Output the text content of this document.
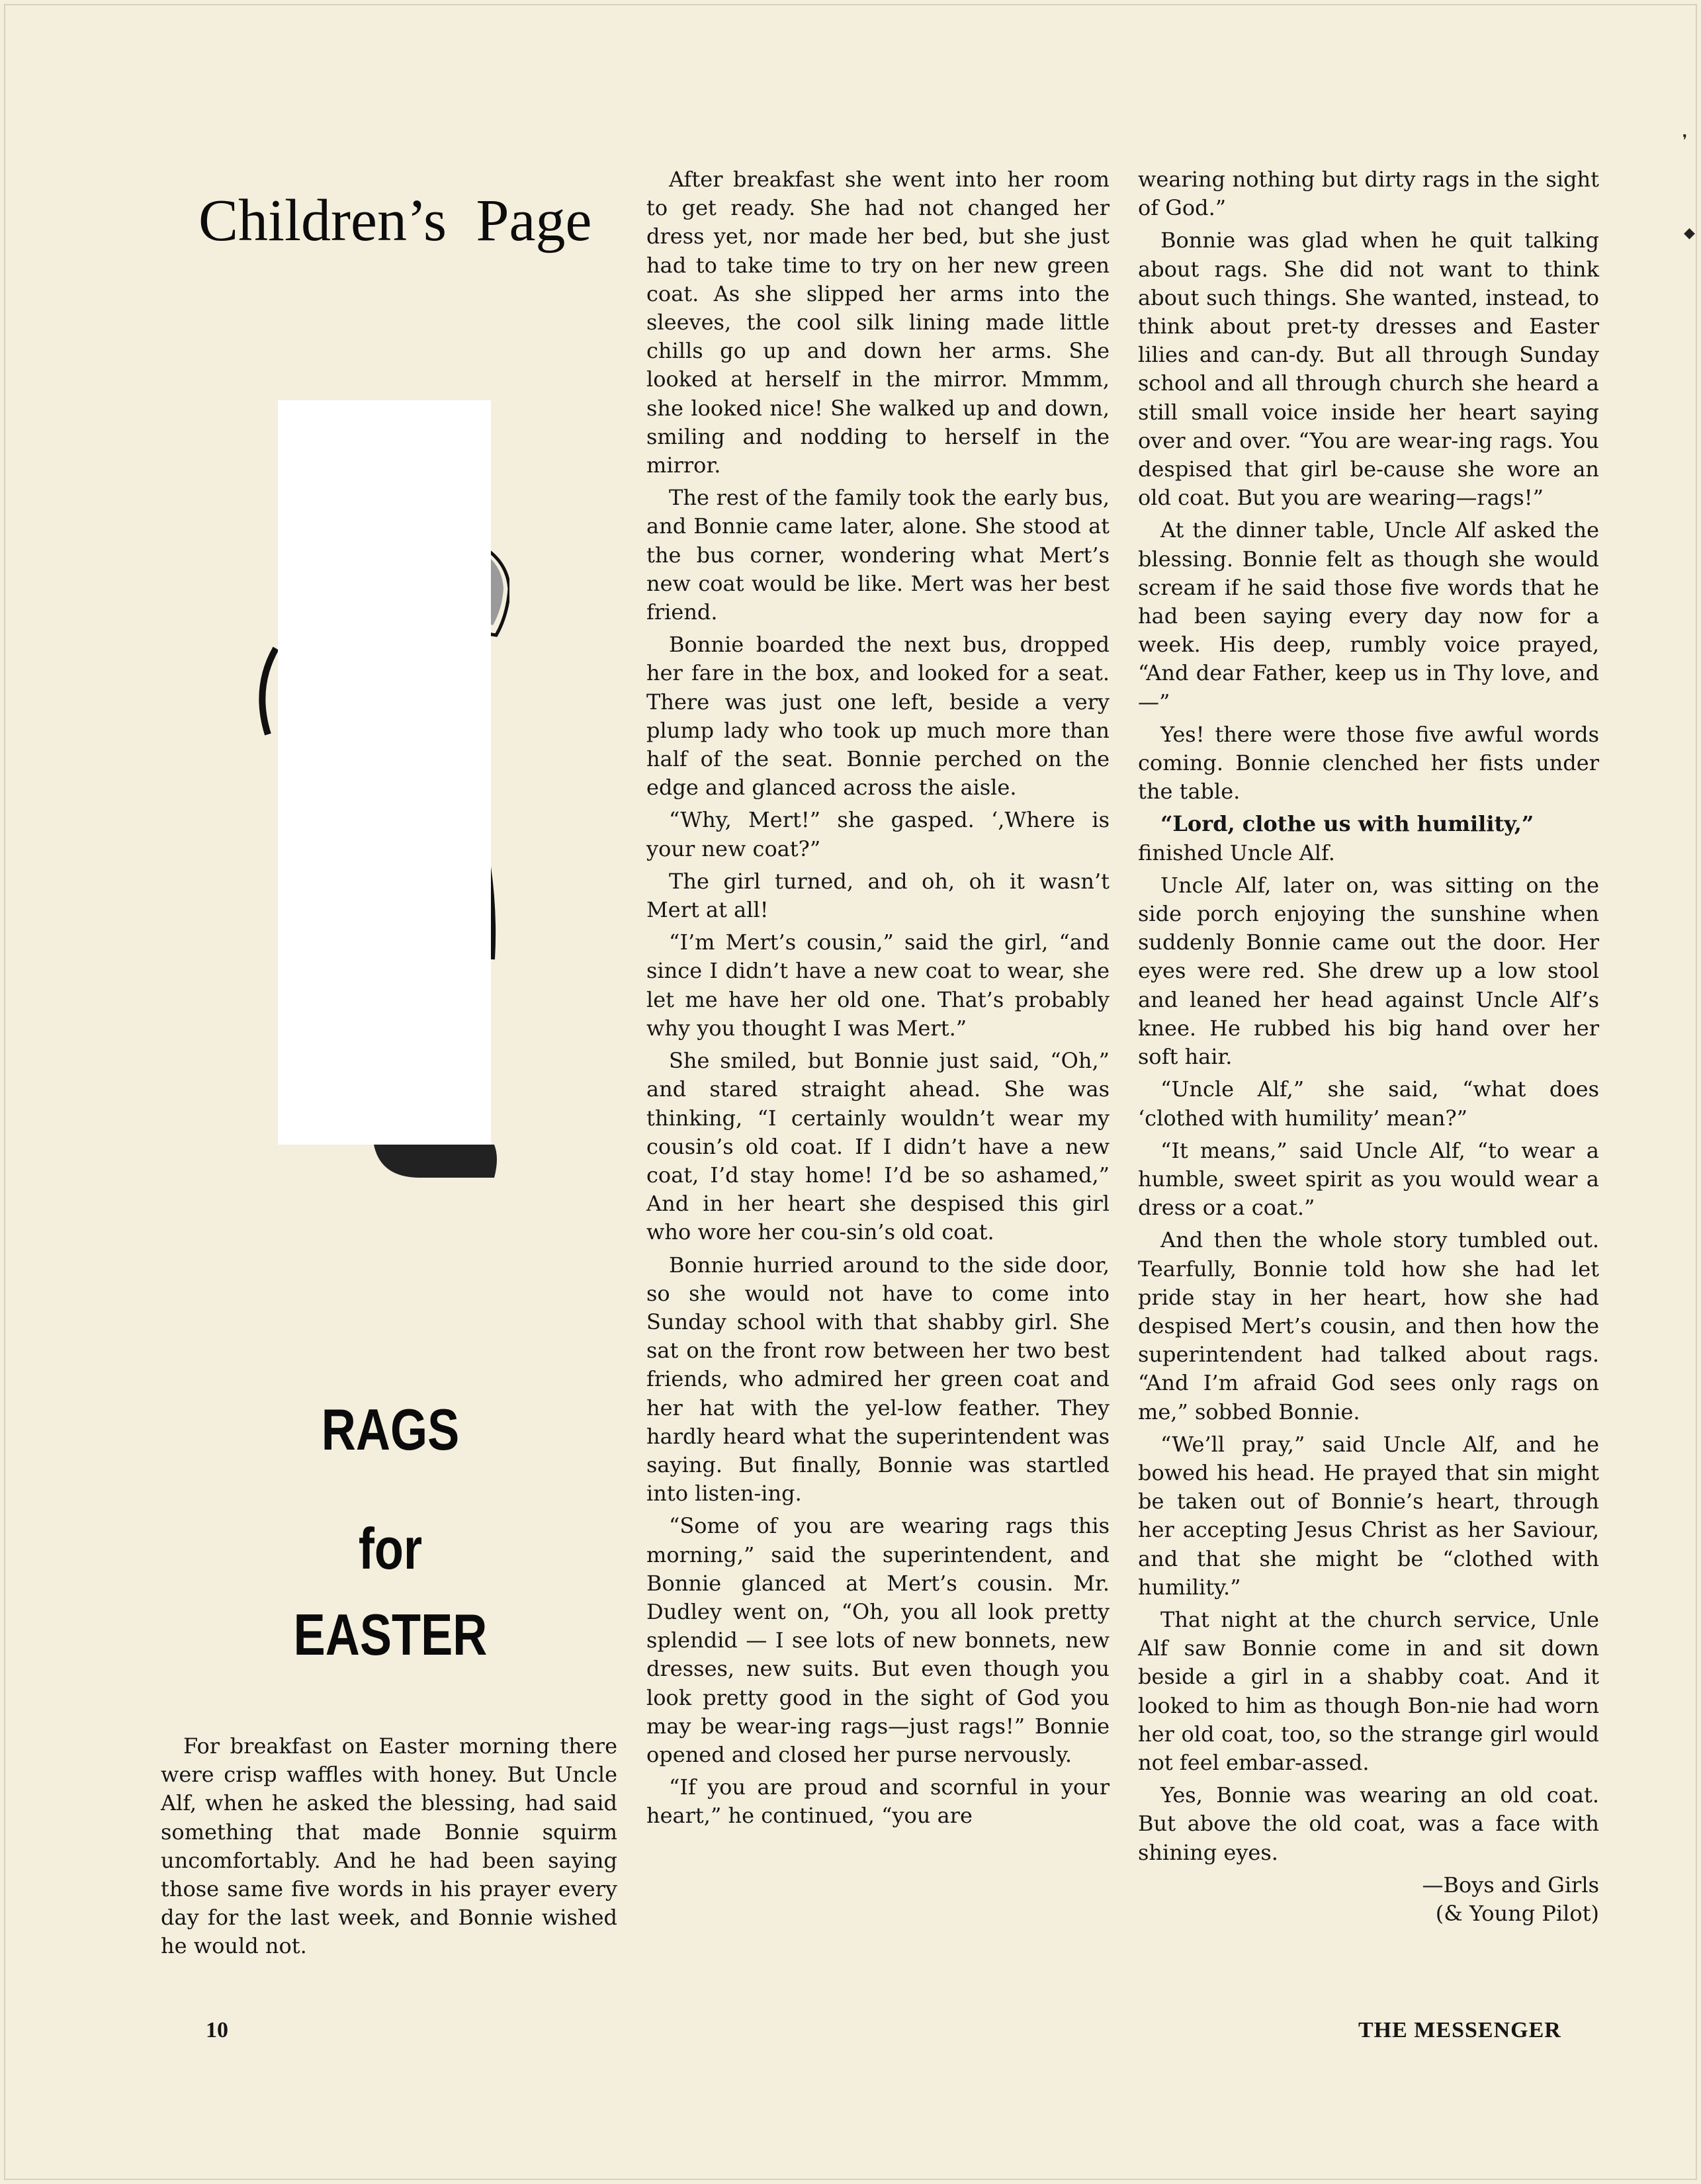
Children’s Page
RAGS
for
EASTER

For breakfast on Easter morning there were crisp waffles with honey. But Uncle Alf, when he asked the blessing, had said something that made Bonnie squirm uncomfortably. And he had been saying those same five words in his prayer every day for the last week, and Bonnie wished he would not.

After breakfast she went into her room to get ready. She had not changed her dress yet, nor made her bed, but she just had to take time to try on her new green coat. As she slipped her arms into the sleeves, the cool silk lining made little chills go up and down her arms. She looked at herself in the mirror. Mmmm, she looked nice! She walked up and down, smiling and nodding to herself in the mirror.

The rest of the family took the early bus, and Bonnie came later, alone. She stood at the bus corner, wondering what Mert’s new coat would be like. Mert was her best friend.

Bonnie boarded the next bus, dropped her fare in the box, and looked for a seat. There was just one left, beside a very plump lady who took up much more than half of the seat. Bonnie perched on the edge and glanced across the aisle.

“Why, Mert!” she gasped. ‘,Where is your new coat?”

The girl turned, and oh, oh it wasn’t Mert at all!

“I’m Mert’s cousin,” said the girl, “and since I didn’t have a new coat to wear, she let me have her old one. That’s probably why you thought I was Mert.”

She smiled, but Bonnie just said, “Oh,” and stared straight ahead. She was thinking, “I certainly wouldn’t wear my cousin’s old coat. If I didn’t have a new coat, I’d stay home! I’d be so ashamed,” And in her heart she despised this girl who wore her cou-sin’s old coat.

Bonnie hurried around to the side door, so she would not have to come into Sunday school with that shabby girl. She sat on the front row between her two best friends, who admired her green coat and her hat with the yel-low feather. They hardly heard what the superintendent was saying. But finally, Bonnie was startled into listen-ing.

“Some of you are wearing rags this morning,” said the superintendent, and Bonnie glanced at Mert’s cousin. Mr. Dudley went on, “Oh, you all look pretty splendid — I see lots of new bonnets, new dresses, new suits. But even though you look pretty good in the sight of God you may be wear-ing rags—just rags!” Bonnie opened and closed her purse nervously.

“If you are proud and scornful in your heart,” he continued, “you are

wearing nothing but dirty rags in the sight of God.”

Bonnie was glad when he quit talking about rags. She did not want to think about such things. She wanted, instead, to think about pret-ty dresses and Easter lilies and can-dy. But all through Sunday school and all through church she heard a still small voice inside her heart saying over and over. “You are wear-ing rags. You despised that girl be-cause she wore an old coat. But you are wearing—rags!”

At the dinner table, Uncle Alf asked the blessing. Bonnie felt as though she would scream if he said those five words that he had been saying every day now for a week. His deep, rumbly voice prayed, “And dear Father, keep us in Thy love, and—”

Yes! there were those five awful words coming. Bonnie clenched her fists under the table.

“Lord, clothe us with humility,”
finished Uncle Alf.

Uncle Alf, later on, was sitting on the side porch enjoying the sunshine when suddenly Bonnie came out the door. Her eyes were red. She drew up a low stool and leaned her head against Uncle Alf’s knee. He rubbed his big hand over her soft hair.

“Uncle Alf,” she said, “what does ‘clothed with humility’ mean?”

“It means,” said Uncle Alf, “to wear a humble, sweet spirit as you would wear a dress or a coat.”

And then the whole story tumbled out. Tearfully, Bonnie told how she had let pride stay in her heart, how she had despised Mert’s cousin, and then how the superintendent had talked about rags. “And I’m afraid God sees only rags on me,” sobbed Bonnie.

“We’ll pray,” said Uncle Alf, and he bowed his head. He prayed that sin might be taken out of Bonnie’s heart, through her accepting Jesus Christ as her Saviour, and that she might be “clothed with humility.”

That night at the church service, Unle Alf saw Bonnie come in and sit down beside a girl in a shabby coat. And it looked to him as though Bon-nie had worn her old coat, too, so the strange girl would not feel embar-assed.

Yes, Bonnie was wearing an old coat. But above the old coat, was a face with shining eyes.

—Boys and Girls
(& Young Pilot)

10	THE MESSENGER
❜
◆
